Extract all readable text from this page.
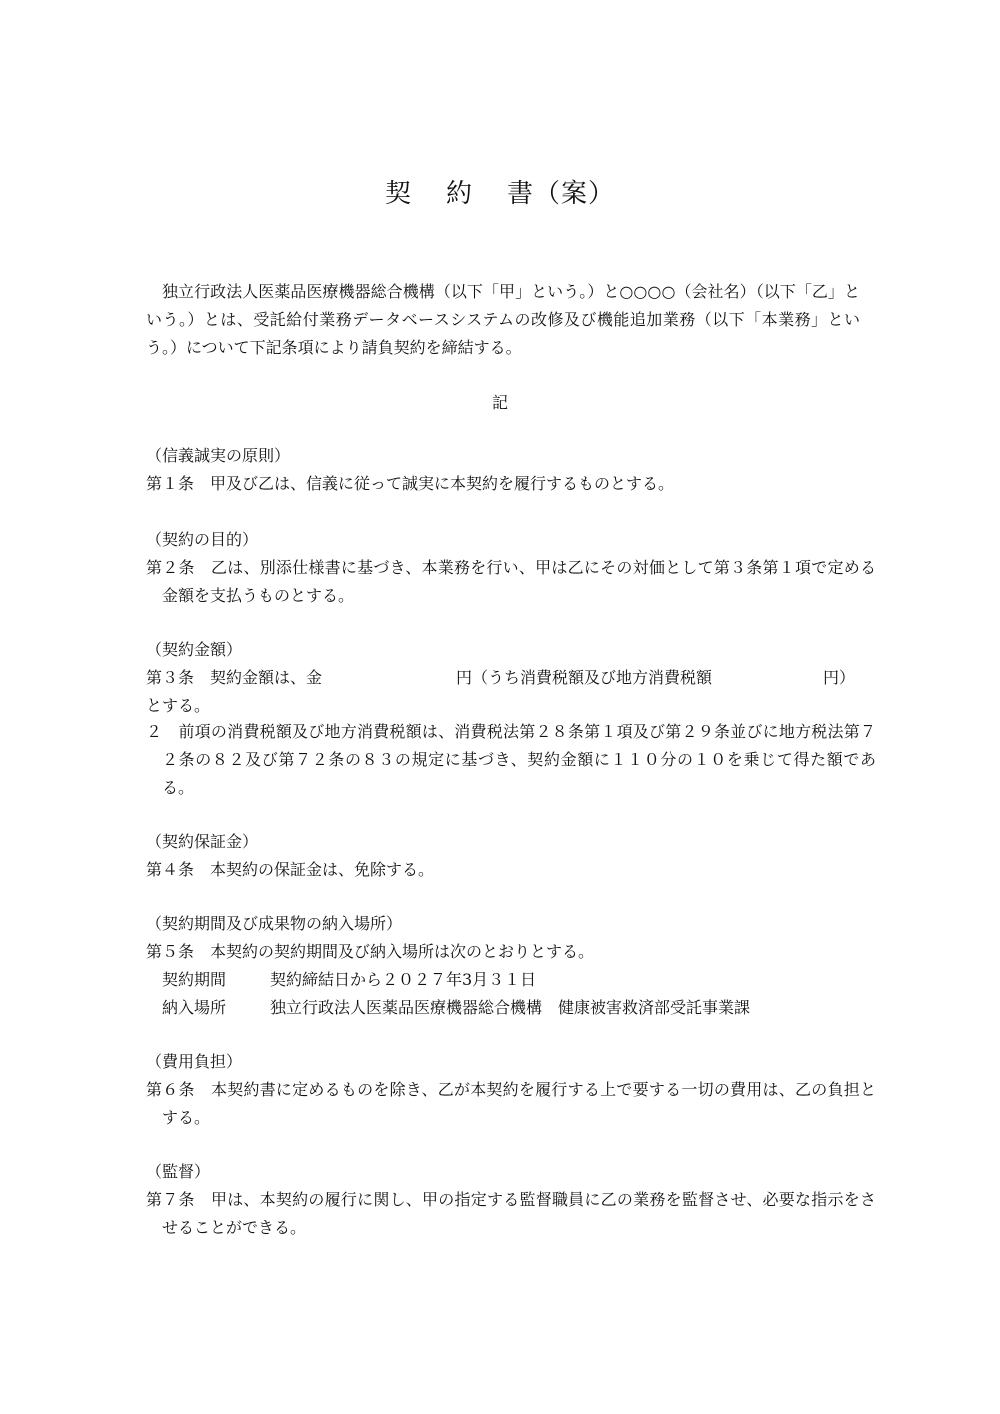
契 約 書（案）
独立行政法人医薬品医療機器総合機構（以下「甲」という。）と○○○○（会社名）（以下「乙」という。）とは、受託給付業務データベースシステムの改修及び機能追加業務（以下「本業務」という。）について下記条項により請負契約を締結する。
記
（信義誠実の原則）
第１条　甲及び乙は、信義に従って誠実に本契約を履行するものとする。
（契約の目的）
第２条　乙は、別添仕様書に基づき、本業務を行い、甲は乙にその対価として第３条第１項で定める金額を支払うものとする。
（契約金額）
第３条　契約金額は、金	円（うち消費税額及び地方消費税額	円）
とする。
２　前項の消費税額及び地方消費税額は、消費税法第２８条第１項及び第２９条並びに地方税法第７２条の８２及び第７２条の８３の規定に基づき、契約金額に１１０分の１０を乗じて得た額である。
（契約保証金）
第４条　本契約の保証金は、免除する。
（契約期間及び成果物の納入場所）
第５条　本契約の契約期間及び納入場所は次のとおりとする。
契約期間	契約締結日から２０２７年3月３１日
納入場所	独立行政法人医薬品医療機器総合機構　健康被害救済部受託事業課
（費用負担）
第６条　本契約書に定めるものを除き、乙が本契約を履行する上で要する一切の費用は、乙の負担とする。
（監督）
第７条　甲は、本契約の履行に関し、甲の指定する監督職員に乙の業務を監督させ、必要な指示をさせることができる。
